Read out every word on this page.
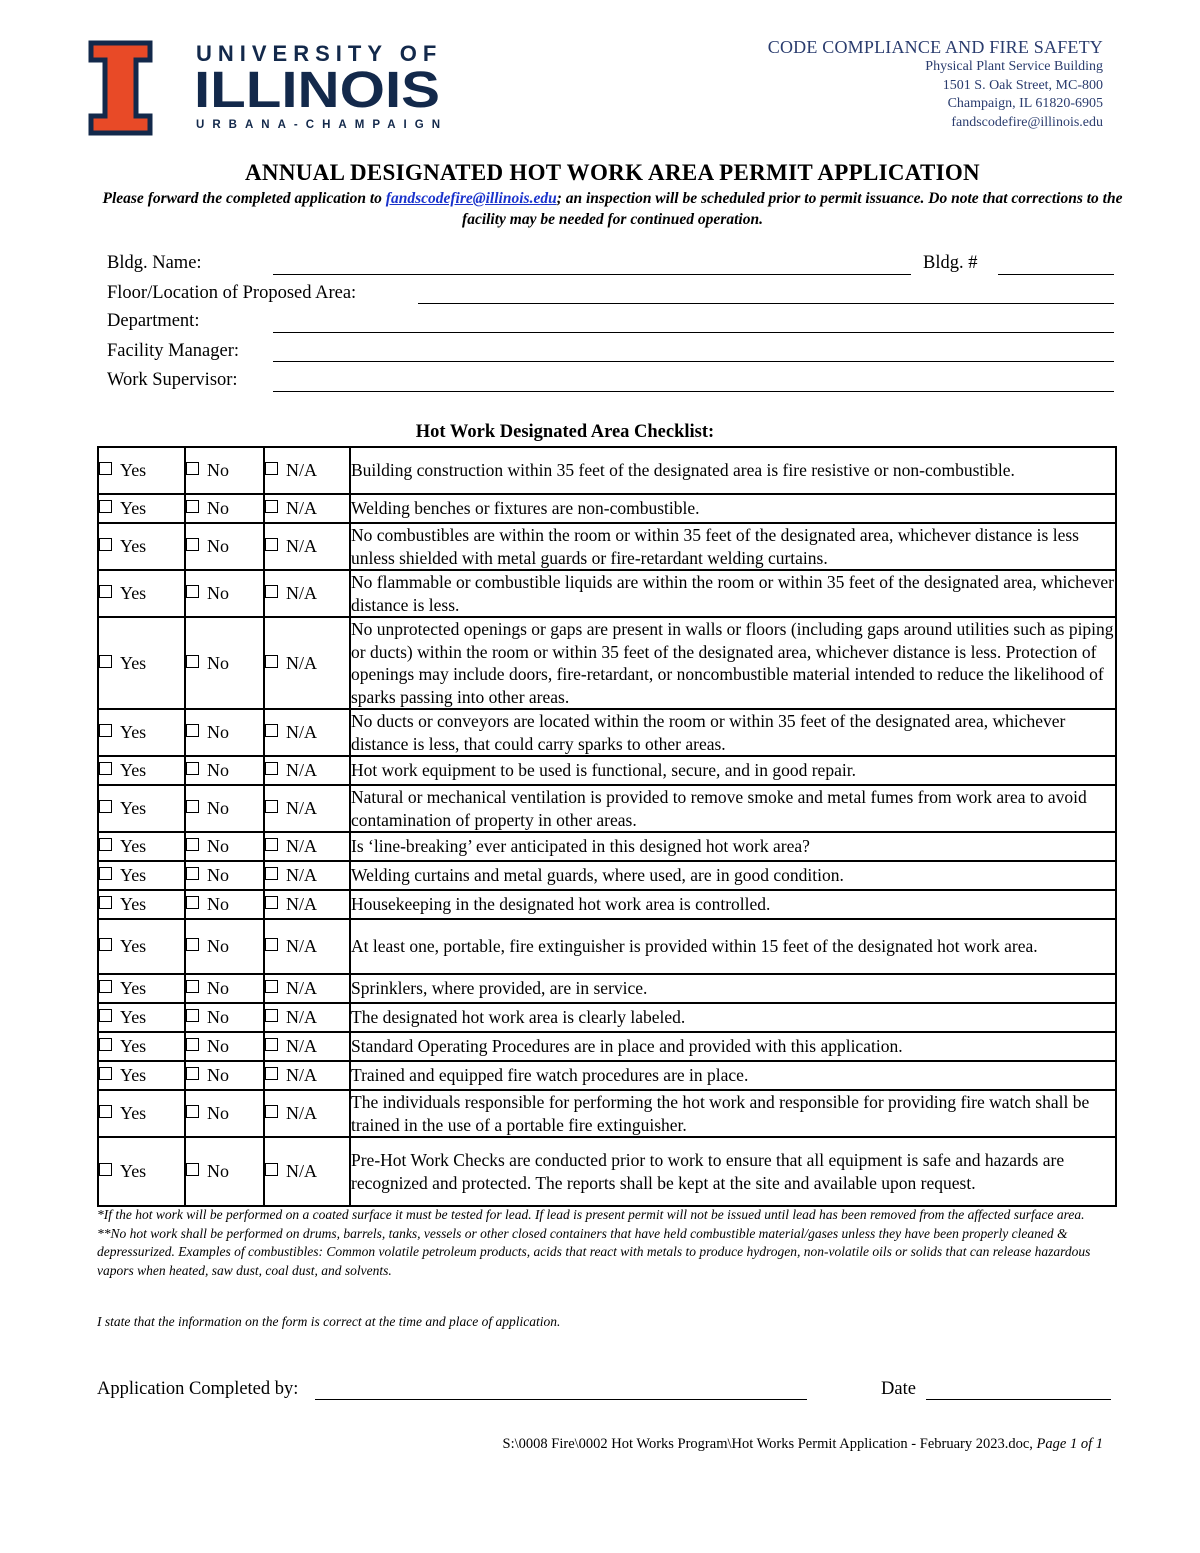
UNIVERSITY OF
ILLINOIS
URBANA-CHAMPAIGN
CODE COMPLIANCE AND FIRE SAFETY
Physical Plant Service Building
1501 S. Oak Street, MC-800
Champaign, IL 61820-6905
fandscodefire@illinois.edu
ANNUAL DESIGNATED HOT WORK AREA PERMIT APPLICATION
Please forward the completed application to fandscodefire@illinois.edu; an inspection will be scheduled prior to permit issuance. Do note that corrections to the facility may be needed for continued operation.
Bldg. Name:	Bldg. #
Floor/Location of Proposed Area:
Department:
Facility Manager:
Work Supervisor:
Hot Work Designated Area Checklist:
Yes	No	N/A	Building construction within 35 feet of the designated area is fire resistive or non-combustible.
Yes	No	N/A	Welding benches or fixtures are non-combustible.
Yes	No	N/A	No combustibles are within the room or within 35 feet of the designated area, whichever distance is less unless shielded with metal guards or fire-retardant welding curtains.
Yes	No	N/A	No flammable or combustible liquids are within the room or within 35 feet of the designated area, whichever distance is less.
Yes	No	N/A	No unprotected openings or gaps are present in walls or floors (including gaps around utilities such as piping or ducts) within the room or within 35 feet of the designated area, whichever distance is less. Protection of openings may include doors, fire-retardant, or noncombustible material intended to reduce the likelihood of sparks passing into other areas.
Yes	No	N/A	No ducts or conveyors are located within the room or within 35 feet of the designated area, whichever distance is less, that could carry sparks to other areas.
Yes	No	N/A	Hot work equipment to be used is functional, secure, and in good repair.
Yes	No	N/A	Natural or mechanical ventilation is provided to remove smoke and metal fumes from work area to avoid contamination of property in other areas.
Yes	No	N/A	Is ‘line-breaking’ ever anticipated in this designed hot work area?
Yes	No	N/A	Welding curtains and metal guards, where used, are in good condition.
Yes	No	N/A	Housekeeping in the designated hot work area is controlled.
Yes	No	N/A	At least one, portable, fire extinguisher is provided within 15 feet of the designated hot work area.
Yes	No	N/A	Sprinklers, where provided, are in service.
Yes	No	N/A	The designated hot work area is clearly labeled.
Yes	No	N/A	Standard Operating Procedures are in place and provided with this application.
Yes	No	N/A	Trained and equipped fire watch procedures are in place.
Yes	No	N/A	The individuals responsible for performing the hot work and responsible for providing fire watch shall be trained in the use of a portable fire extinguisher.
Yes	No	N/A	Pre-Hot Work Checks are conducted prior to work to ensure that all equipment is safe and hazards are recognized and protected. The reports shall be kept at the site and available upon request.

*If the hot work will be performed on a coated surface it must be tested for lead. If lead is present permit will not be issued until lead has been removed from the affected surface area.

**No hot work shall be performed on drums, barrels, tanks, vessels or other closed containers that have held combustible material/gases unless they have been properly cleaned & depressurized. Examples of combustibles: Common volatile petroleum products, acids that react with metals to produce hydrogen, non-volatile oils or solids that can release hazardous vapors when heated, saw dust, coal dust, and solvents.

I state that the information on the form is correct at the time and place of application.
Application Completed by:	Date
S:\0008 Fire\0002 Hot Works Program\Hot Works Permit Application - February 2023.doc, Page 1 of 1
